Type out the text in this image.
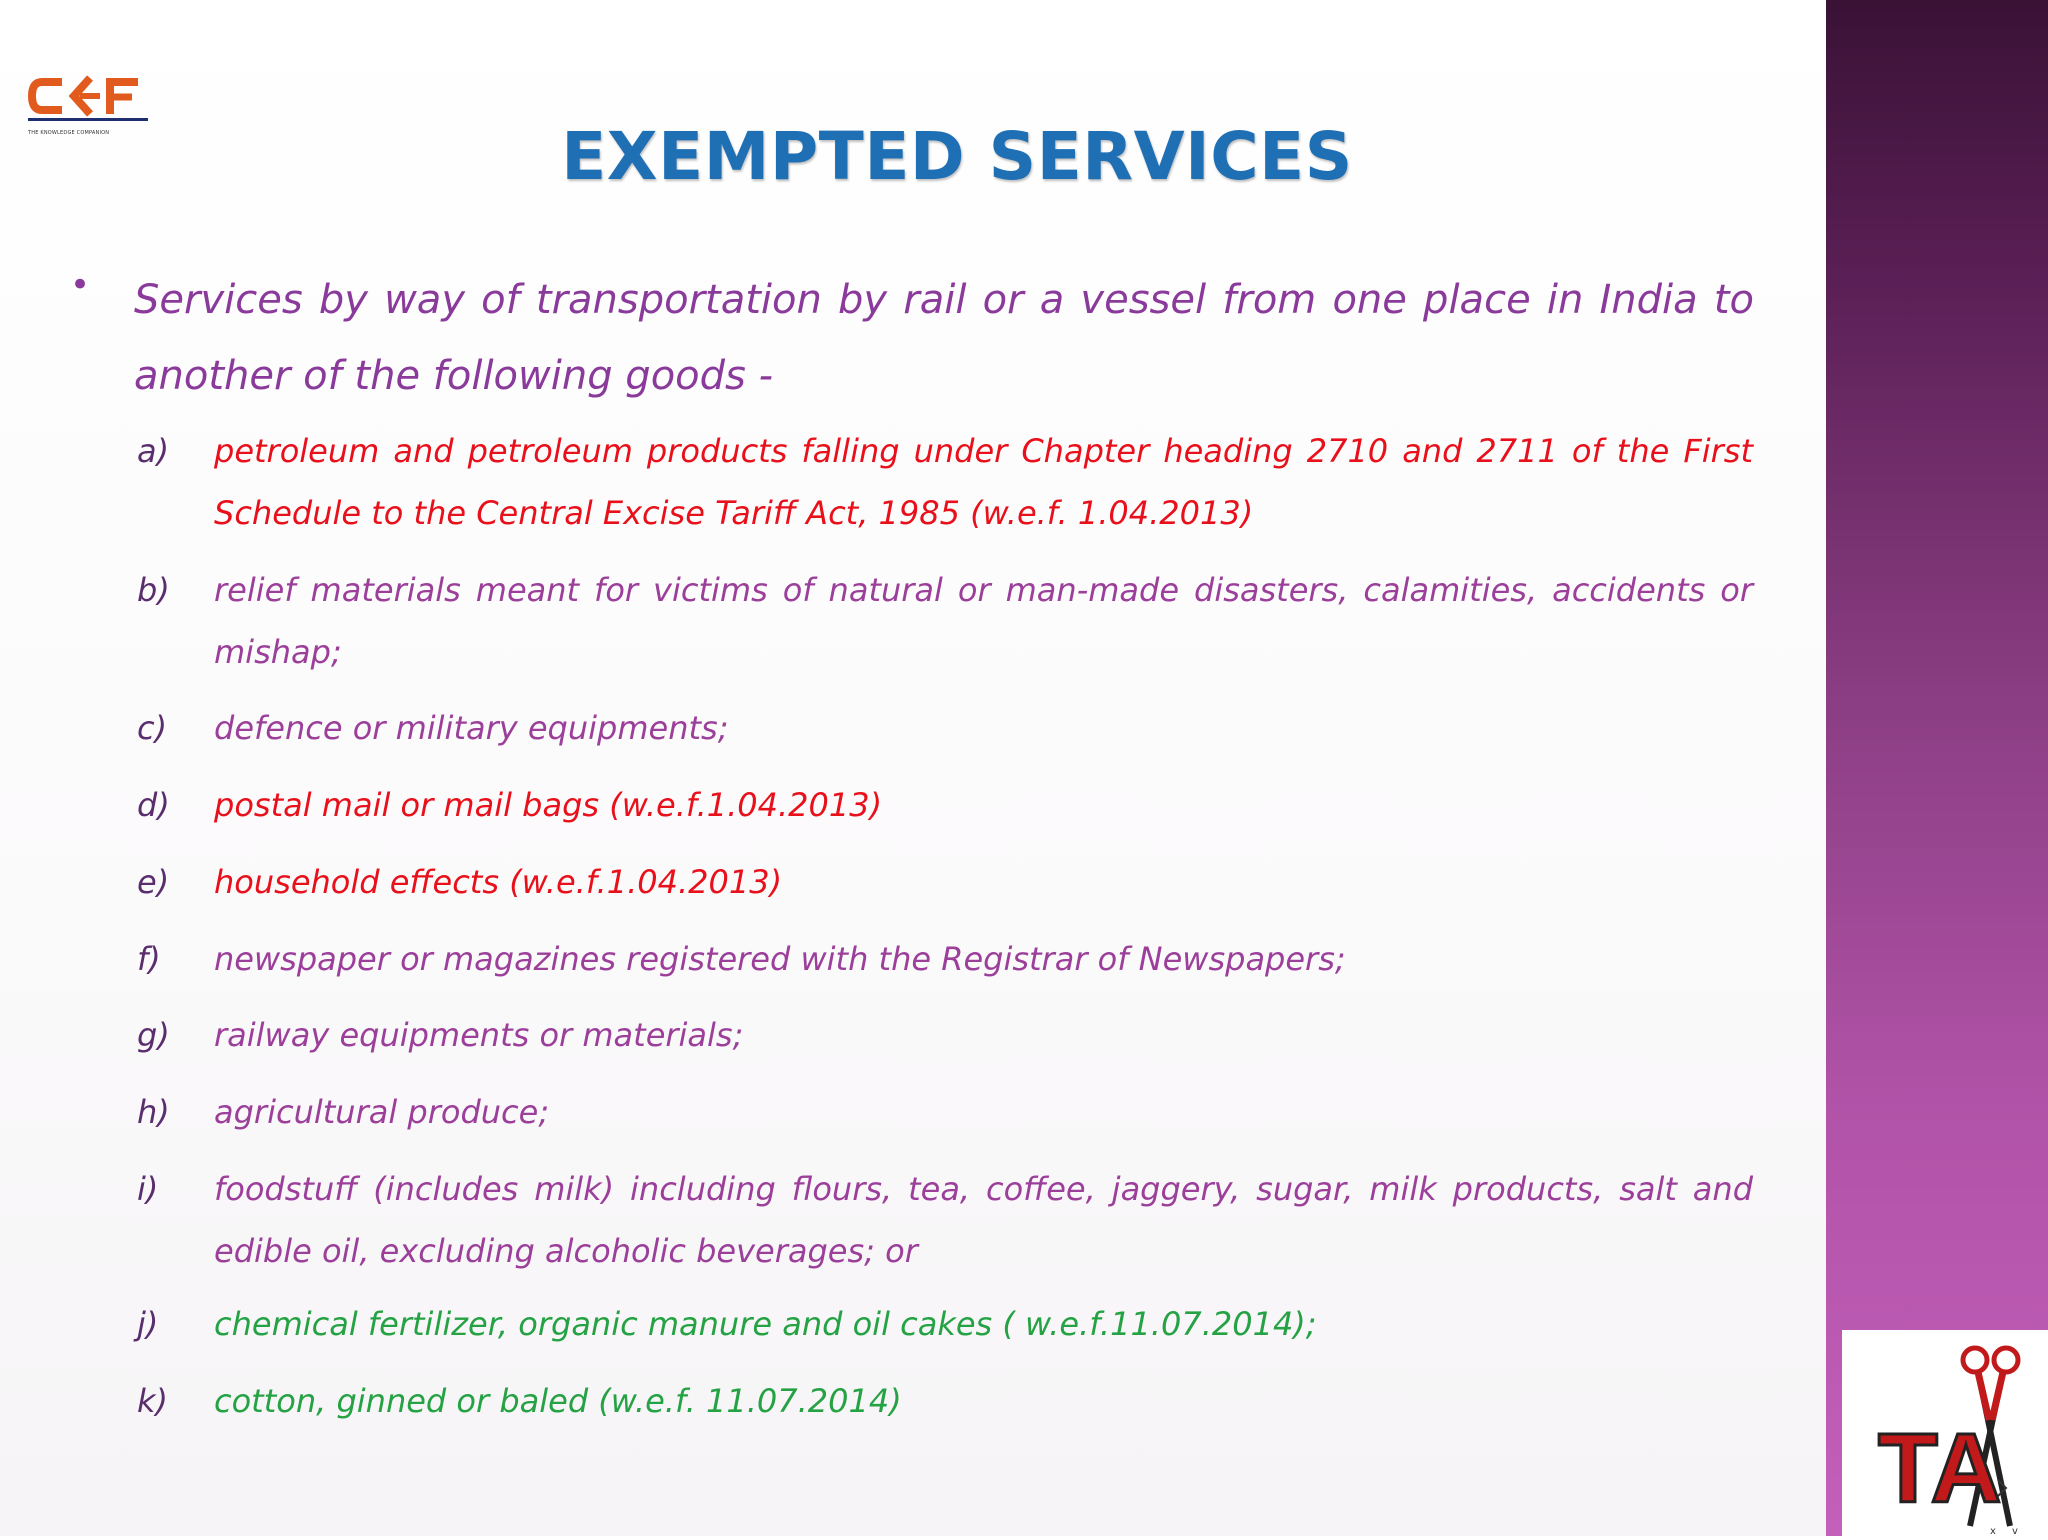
THE KNOWLEDGE COMPANION	EXEMPTED SERVICES
• Services by way of transportation by rail or a vessel from one place in India to another of the following goods -
a) petroleum and petroleum products falling under Chapter heading 2710 and 2711 of the First Schedule to the Central Excise Tariff Act, 1985 (w.e.f. 1.04.2013)
b) relief materials meant for victims of natural or man-made disasters, calamities, accidents or mishap;
c) defence or military equipments;
d) postal mail or mail bags (w.e.f.1.04.2013)
e) household effects (w.e.f.1.04.2013)
f) newspaper or magazines registered with the Registrar of Newspapers;
g) railway equipments or materials;
h) agricultural produce;
i) foodstuff (includes milk) including flours, tea, coffee, jaggery, sugar, milk products, salt and edible oil, excluding alcoholic beverages; or
j) chemical fertilizer, organic manure and oil cakes ( w.e.f.11.07.2014);
k) cotton, ginned or baled (w.e.f. 11.07.2014)
x v
TA
